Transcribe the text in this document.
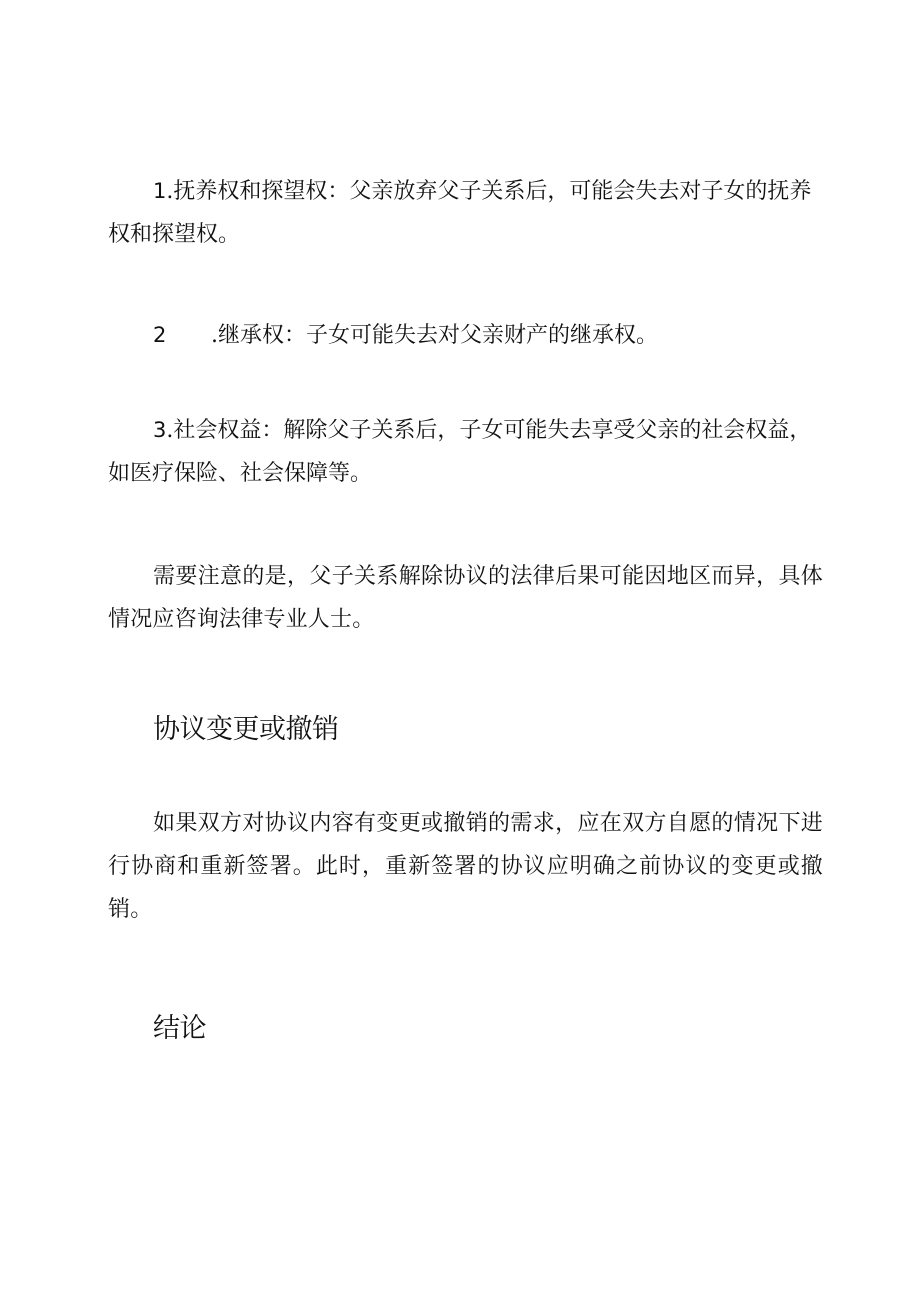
1.抚养权和探望权：父亲放弃父子关系后，可能会失去对子女的抚养权和探望权。

2 .继承权：子女可能失去对父亲财产的继承权。

3.社会权益：解除父子关系后，子女可能失去享受父亲的社会权益，如医疗保险、社会保障等。

需要注意的是，父子关系解除协议的法律后果可能因地区而异，具体情况应咨询法律专业人士。

协议变更或撤销

如果双方对协议内容有变更或撤销的需求，应在双方自愿的情况下进行协商和重新签署。此时，重新签署的协议应明确之前协议的变更或撤销。

结论
